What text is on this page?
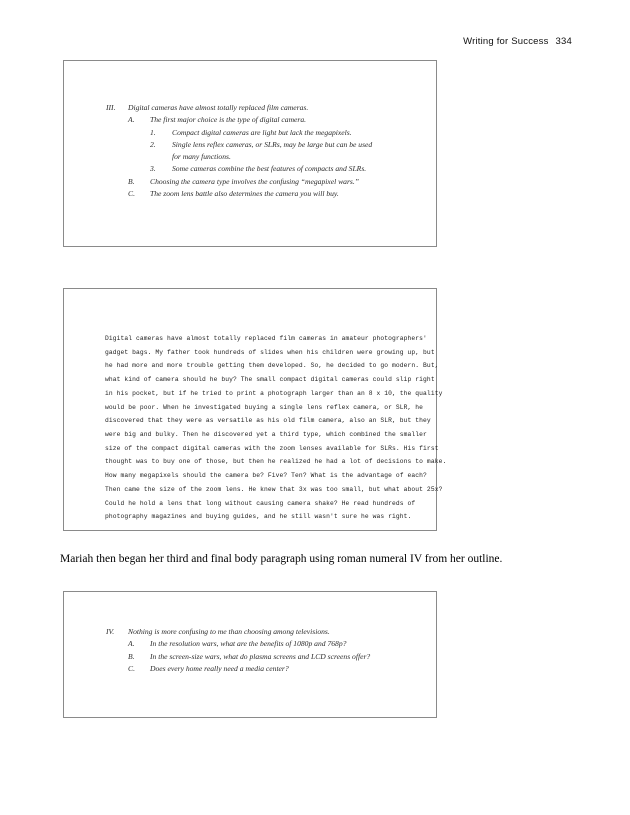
Writing for Success 334
III.	Digital cameras have almost totally replaced film cameras.
A.	The first major choice is the type of digital camera.
1.	Compact digital cameras are light but lack the megapixels.
2.	Single lens reflex cameras, or SLRs, may be large but can be used
for many functions.
3.	Some cameras combine the best features of compacts and SLRs.
B.	Choosing the camera type involves the confusing “megapixel wars.”
C.	The zoom lens battle also determines the camera you will buy.
Digital cameras have almost totally replaced film cameras in amateur photographers'
gadget bags. My father took hundreds of slides when his children were growing up, but
he had more and more trouble getting them developed. So, he decided to go modern. But,
what kind of camera should he buy? The small compact digital cameras could slip right
in his pocket, but if he tried to print a photograph larger than an 8 x 10, the quality
would be poor. When he investigated buying a single lens reflex camera, or SLR, he
discovered that they were as versatile as his old film camera, also an SLR, but they
were big and bulky. Then he discovered yet a third type, which combined the smaller
size of the compact digital cameras with the zoom lenses available for SLRs. His first
thought was to buy one of those, but then he realized he had a lot of decisions to make.
How many megapixels should the camera be? Five? Ten? What is the advantage of each?
Then came the size of the zoom lens. He knew that 3x was too small, but what about 25x?
Could he hold a lens that long without causing camera shake? He read hundreds of
photography magazines and buying guides, and he still wasn't sure he was right.
Mariah then began her third and final body paragraph using roman numeral IV from her outline.
IV.	Nothing is more confusing to me than choosing among televisions.
A.	In the resolution wars, what are the benefits of 1080p and 768p?
B.	In the screen-size wars, what do plasma screens and LCD screens offer?
C.	Does every home really need a media center?
